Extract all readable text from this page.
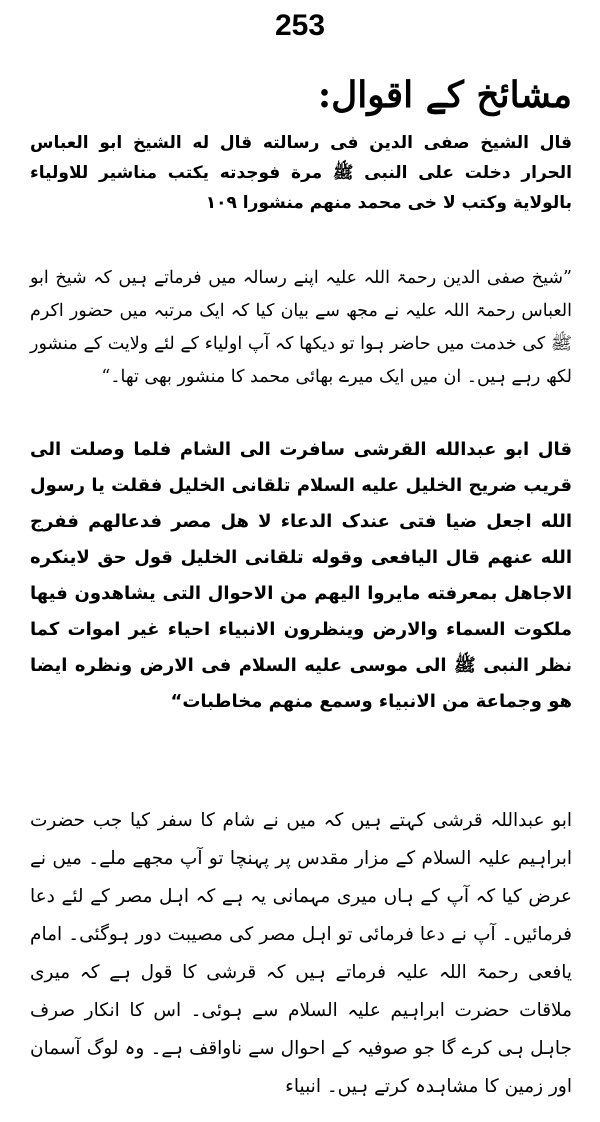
253
مشائخ کے اقوال:

قال الشیخ صفی الدین فی رسالته قال له الشیخ ابو العباس الحرار دخلت علی النبی ﷺ مرة فوجدته یکتب مناشیر للاولیاء بالولایة وکتب لا خی محمد منهم منشورا ۱۰۹

”شیخ صفی الدین رحمۃ اللہ علیہ اپنے رسالہ میں فرماتے ہیں کہ شیخ ابو العباس رحمۃ اللہ علیہ نے مجھ سے بیان کیا کہ ایک مرتبہ میں حضور اکرم ﷺ کی خدمت میں حاضر ہوا تو دیکھا کہ آپ اولیاء کے لئے ولایت کے منشور لکھ رہے ہیں۔ ان میں ایک میرے بھائی محمد کا منشور بھی تھا۔“

قال ابو عبدالله القرشی سافرت الی الشام فلما وصلت الی قریب ضریح الخلیل علیه السلام تلقانی الخلیل فقلت یا رسول الله اجعل ضیا فتی عندک الدعاء لا هل مصر فدعالهم ففرج الله عنهم قال الیافعی وقوله تلقانی الخلیل قول حق لاینکره الاجاهل بمعرفته مایروا الیهم من الاحوال التی یشاهدون فیها ملکوت السماء والارض وینظرون الانبیاء احیاء غیر اموات کما نظر النبی ﷺ الی موسی علیه السلام فی الارض ونظره ایضا هو وجماعة من الانبیاء وسمع منهم مخاطبات“

ابو عبداللہ قرشی کہتے ہیں کہ میں نے شام کا سفر کیا جب حضرت ابراہیم علیہ السلام کے مزار مقدس پر پہنچا تو آپ مجھے ملے۔ میں نے عرض کیا کہ آپ کے ہاں میری مہمانی یہ ہے کہ اہل مصر کے لئے دعا فرمائیں۔ آپ نے دعا فرمائی تو اہل مصر کی مصیبت دور ہوگئی۔ امام یافعی رحمۃ اللہ علیہ فرماتے ہیں کہ قرشی کا قول ہے کہ میری ملاقات حضرت ابراہیم علیہ السلام سے ہوئی۔ اس کا انکار صرف جاہل ہی کرے گا جو صوفیہ کے احوال سے ناواقف ہے۔ وہ لوگ آسمان اور زمین کا مشاہدہ کرتے ہیں۔ انبیاء
